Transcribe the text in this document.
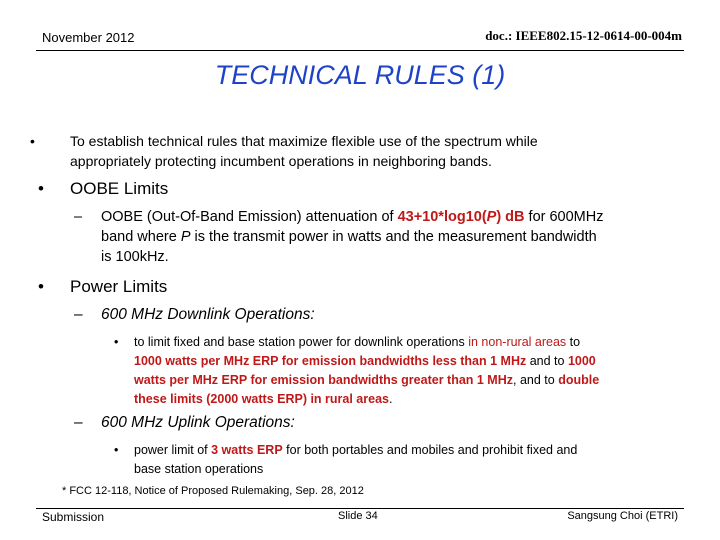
November 2012	doc.: IEEE802.15-12-0614-00-004m
TECHNICAL RULES (1)
•	To establish technical rules that maximize flexible use of the spectrum while
appropriately protecting incumbent operations in neighboring bands.
• OOBE Limits
– OOBE (Out-Of-Band Emission) attenuation of 43+10*log10(P) dB for 600MHz
band where P is the transmit power in watts and the measurement bandwidth
is 100kHz.
• Power Limits
– 600 MHz Downlink Operations:
• to limit fixed and base station power for downlink operations in non-rural areas to
1000 watts per MHz ERP for emission bandwidths less than 1 MHz and to 1000
watts per MHz ERP for emission bandwidths greater than 1 MHz, and to double
these limits (2000 watts ERP) in rural areas.
– 600 MHz Uplink Operations:
• power limit of 3 watts ERP for both portables and mobiles and prohibit fixed and
base station operations
* FCC 12-118, Notice of Proposed Rulemaking, Sep. 28, 2012
Submission	Slide 34	Sangsung Choi (ETRI)
